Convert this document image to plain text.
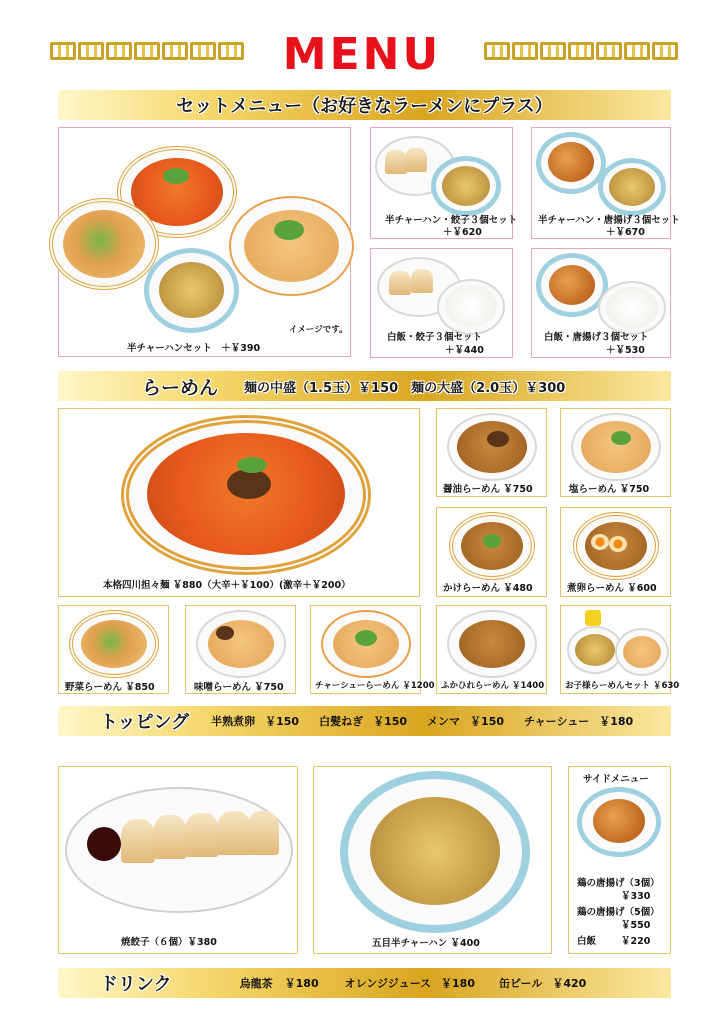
MENU
セットメニュー（お好きなラーメンにプラス）
イメージです。
半チャーハンセット　＋￥390
半チャーハン・餃子３個セット
＋￥620
半チャーハン・唐揚げ３個セット
＋￥670
白飯・餃子３個セット
＋￥440
白飯・唐揚げ３個セット
＋￥530
らーめん 麺の中盛（1.5玉）￥150　麺の大盛（2.0玉）￥300
本格四川担々麺 ￥880（大辛＋￥100）(激辛＋￥200）
醤油らーめん ￥750	塩らーめん ￥750
かけらーめん ￥480	煮卵らーめん ￥600
野菜らーめん ￥850	味噌らーめん ￥750	チャーシューらーめん ￥1200 ふかひれらーめん ￥1400 お子様らーめんセット ￥630
トッピング 半熟煮卵 ￥150 白髪ねぎ ￥150 メンマ ￥150 チャーシュー ￥180
焼餃子（６個）￥380	五目半チャーハン ￥400
サイドメニュー
鶏の唐揚げ（3個）
￥330
鶏の唐揚げ（5個）
￥550
白飯	￥220
ドリンク	烏龍茶 ￥180 オレンジジュース ￥180 缶ビール ￥420
